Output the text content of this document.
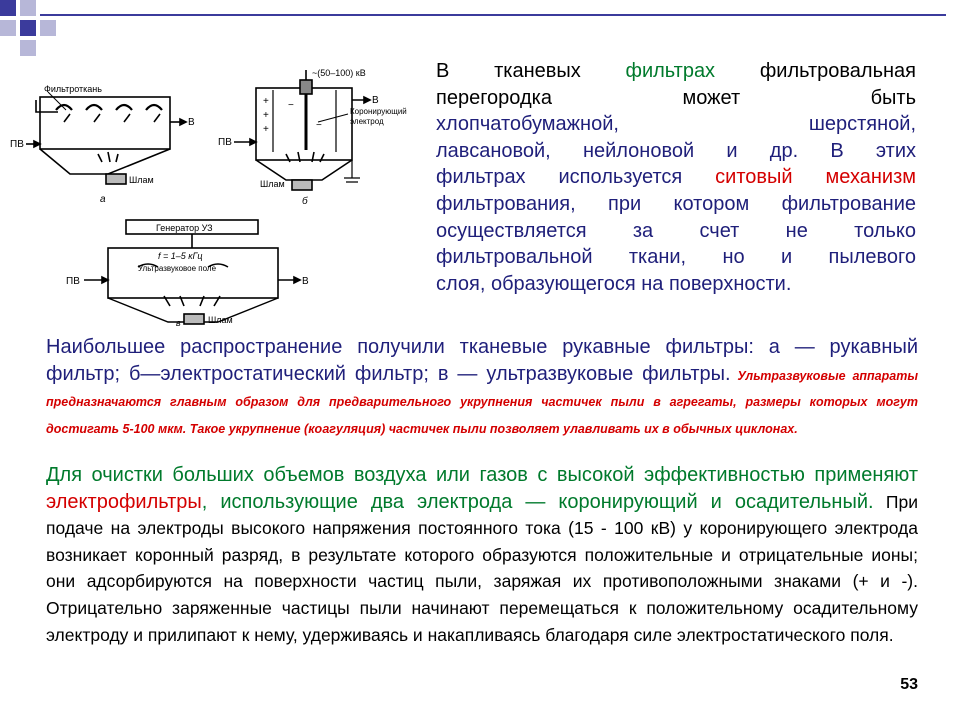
Фильтроткань
ПВ
В
Шлам
а
~(50–100) кВ
+
+
+
−
−
В
ПВ
Коронирующий
электрод
Шлам
б
Генератор УЗ
f = 1–5 кГц
Ультразвуковое поле
ПВ	В
Шлам
в
В тканевых фильтрах фильтровальная
перегородка может быть
хлопчатобумажной, шерстяной,
лавсановой, нейлоновой и др. В этих
фильтрах используется ситовый механизм
фильтрования, при котором фильтрование
осуществляется за счет не только
фильтровальной ткани, но и пылевого
слоя, образующегося на поверхности.
Наибольшее распространение получили тканевые рукавные фильтры: а — рукавный фильтр; б—электростатический фильтр; в — ультразвуковые фильтры. Ультразвуковые аппараты предназначаются главным образом для предварительного укрупнения частичек пыли в агрегаты, размеры которых могут достигать 5-100 мкм. Такое укрупнение (коагуляция) частичек пыли позволяет улавливать их в обычных циклонах.
Для очистки больших объемов воздуха или газов с высокой эффективностью применяют электрофильтры, использующие два электрода — коронирующий и осадительный. При подаче на электроды высокого напряжения постоянного тока (15 - 100 кВ) у коронирующего электрода возникает коронный разряд, в результате которого образуются положительные и отрицательные ионы; они адсорбируются на поверхности частиц пыли, заряжая их противоположными знаками (+ и -). Отрицательно заряженные частицы пыли начинают перемещаться к положительному осадительному электроду и прилипают к нему, удерживаясь и накапливаясь благодаря силе электростатического поля.
53
